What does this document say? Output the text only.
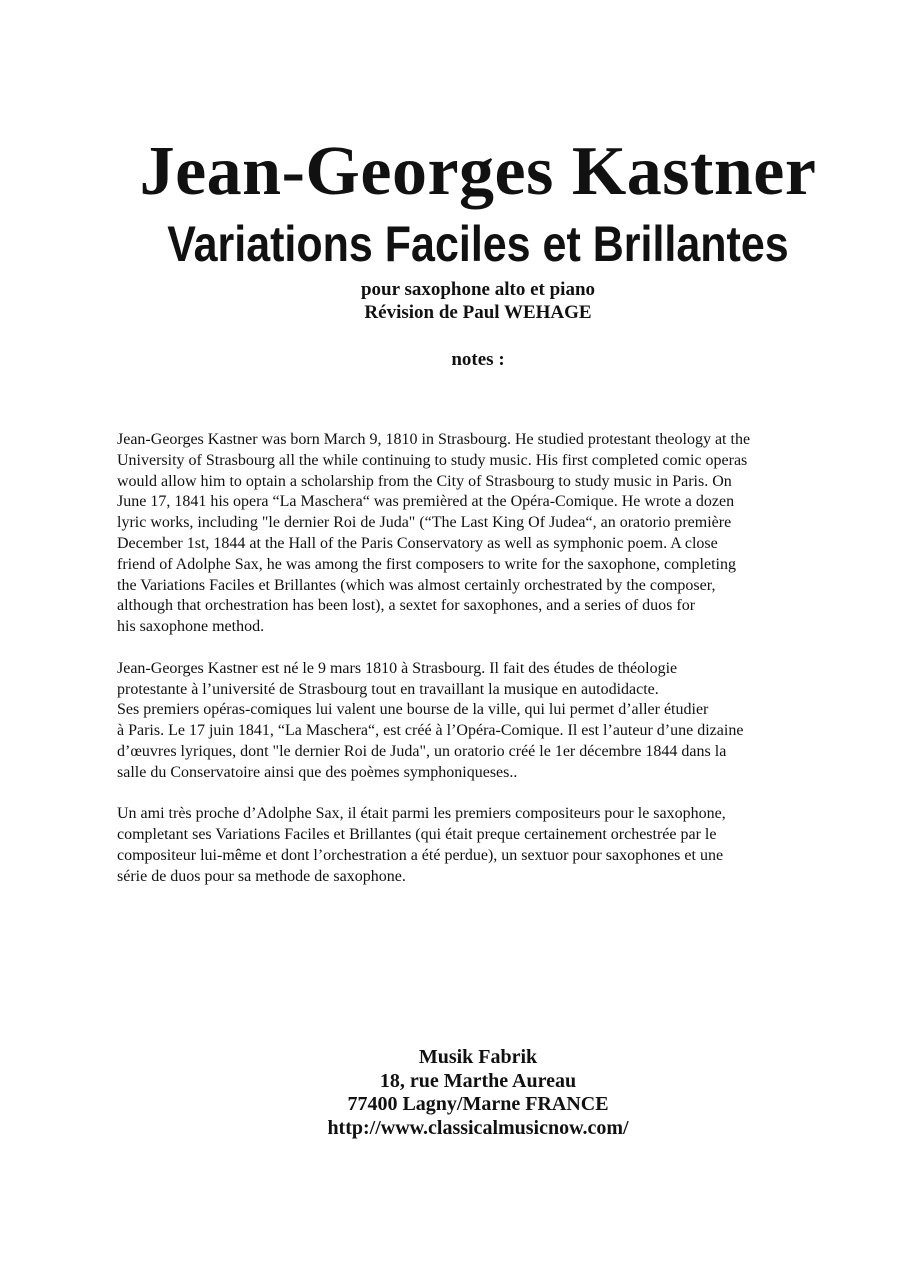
Jean-Georges Kastner
Variations Faciles et Brillantes
pour saxophone alto et piano
Révision de Paul WEHAGE
notes :

Jean-Georges Kastner was born March 9, 1810 in Strasbourg. He studied protestant theology at the

University of Strasbourg all the while continuing to study music. His first completed comic operas

would allow him to optain a scholarship from the City of Strasbourg to study music in Paris. On

June 17, 1841 his opera “La Maschera“ was premièred at the Opéra-Comique. He wrote a dozen

lyric works, including "le dernier Roi de Juda" (“The Last King Of Judea“, an oratorio première

December 1st, 1844 at the Hall of the Paris Conservatory as well as symphonic poem. A close

friend of Adolphe Sax, he was among the first composers to write for the saxophone, completing

the Variations Faciles et Brillantes (which was almost certainly orchestrated by the composer,

although that orchestration has been lost), a sextet for saxophones, and a series of duos for

his saxophone method.

Jean-Georges Kastner est né le 9 mars 1810 à Strasbourg. Il fait des études de théologie

protestante à l’université de Strasbourg tout en travaillant la musique en autodidacte.

Ses premiers opéras-comiques lui valent une bourse de la ville, qui lui permet d’aller étudier

à Paris. Le 17 juin 1841, “La Maschera“, est créé à l’Opéra-Comique. Il est l’auteur d’une dizaine

d’œuvres lyriques, dont "le dernier Roi de Juda", un oratorio créé le 1er décembre 1844 dans la

salle du Conservatoire ainsi que des poèmes symphoniqueses..

Un ami très proche d’Adolphe Sax, il était parmi les premiers compositeurs pour le saxophone,

completant ses Variations Faciles et Brillantes (qui était preque certainement orchestrée par le

compositeur lui-même et dont l’orchestration a été perdue), un sextuor pour saxophones et une

série de duos pour sa methode de saxophone.

Musik Fabrik
18, rue Marthe Aureau
77400 Lagny/Marne FRANCE
http://www.classicalmusicnow.com/
